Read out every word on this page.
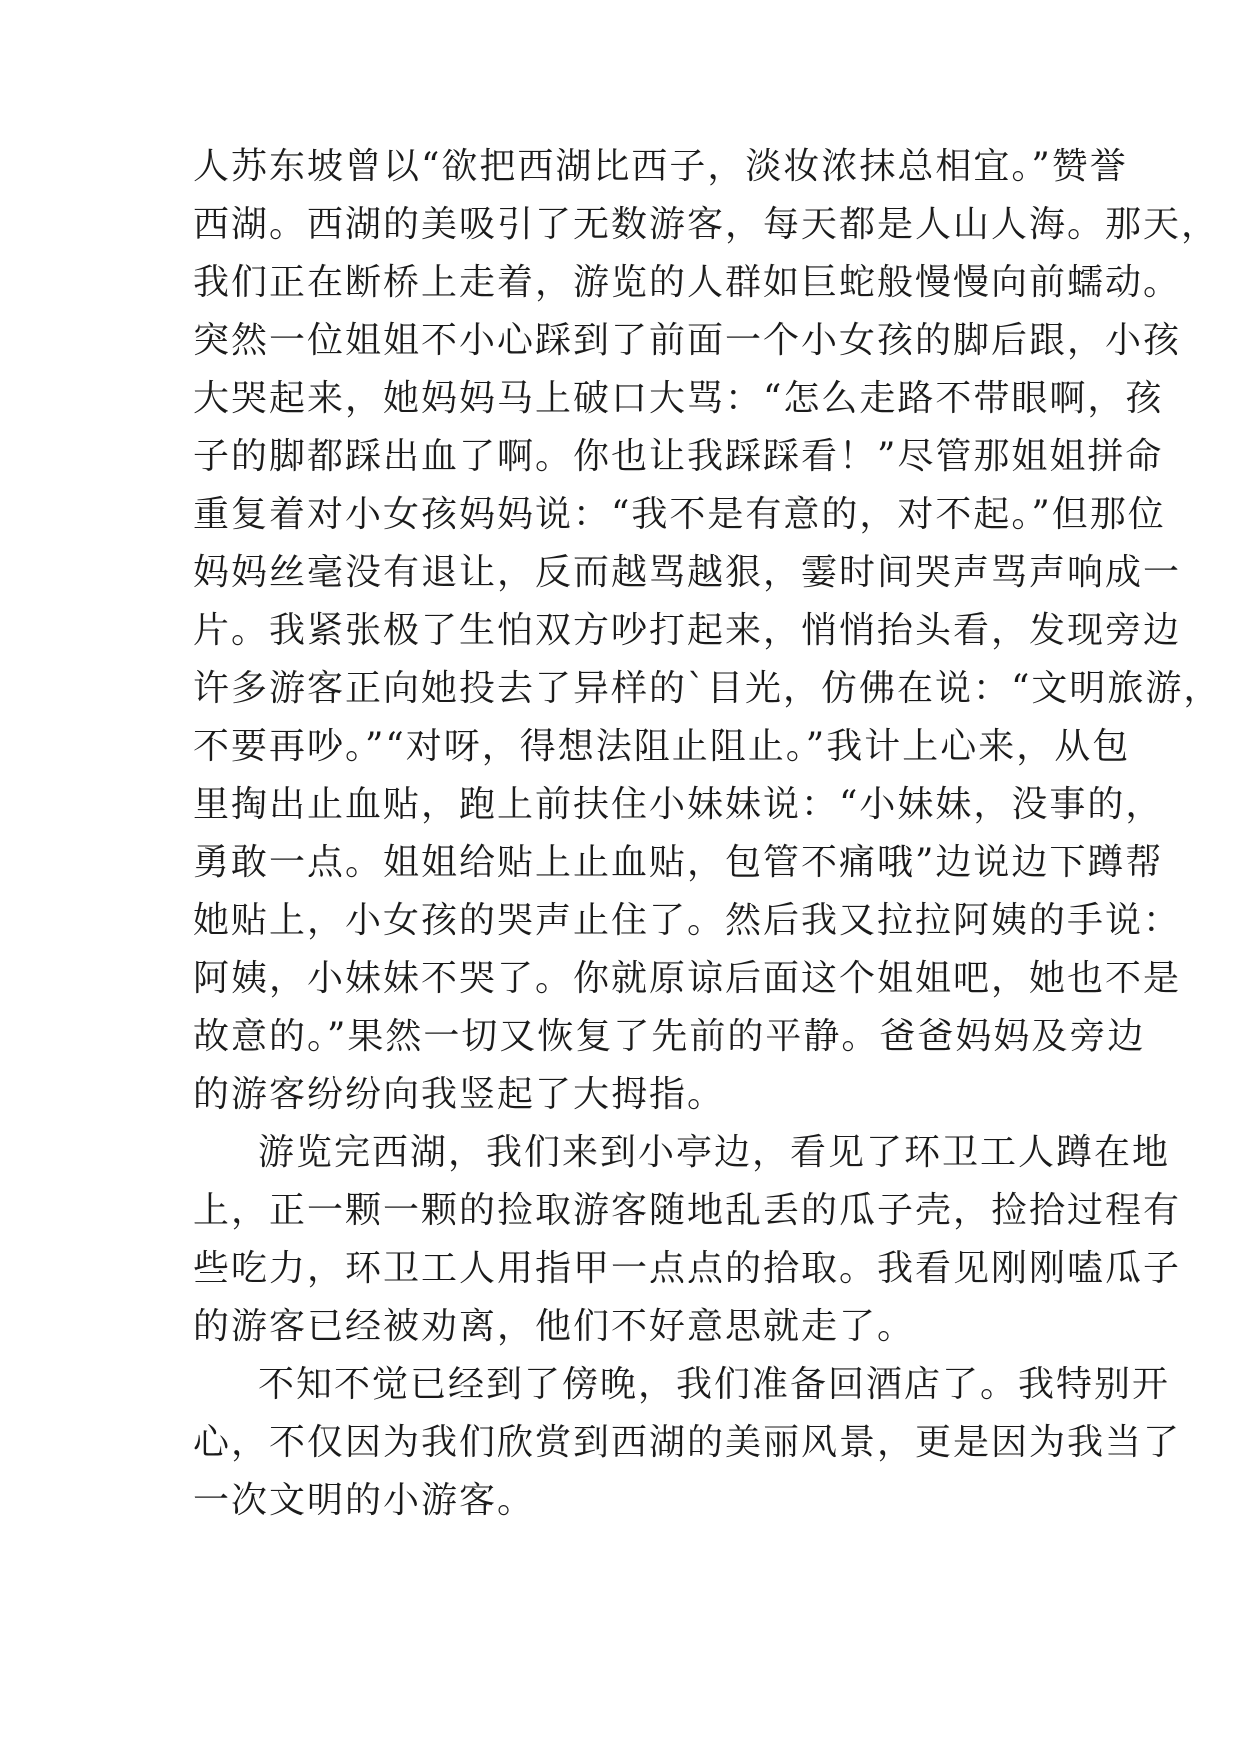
人苏东坡曾以“欲把西湖比西子，淡妆浓抹总相宜。”赞誉
西湖。西湖的美吸引了无数游客，每天都是人山人海。那天，
我们正在断桥上走着，游览的人群如巨蛇般慢慢向前蠕动。
突然一位姐姐不小心踩到了前面一个小女孩的脚后跟，小孩
大哭起来，她妈妈马上破口大骂：“怎么走路不带眼啊，孩
子的脚都踩出血了啊。你也让我踩踩看！”尽管那姐姐拼命
重复着对小女孩妈妈说：“我不是有意的，对不起。”但那位
妈妈丝毫没有退让，反而越骂越狠，霎时间哭声骂声响成一
片。我紧张极了生怕双方吵打起来，悄悄抬头看，发现旁边
许多游客正向她投去了异样的`目光，仿佛在说：“文明旅游，
不要再吵。”“对呀，得想法阻止阻止。”我计上心来，从包
里掏出止血贴，跑上前扶住小妹妹说：“小妹妹，没事的，
勇敢一点。姐姐给贴上止血贴，包管不痛哦”边说边下蹲帮
她贴上，小女孩的哭声止住了。然后我又拉拉阿姨的手说：
阿姨，小妹妹不哭了。你就原谅后面这个姐姐吧，她也不是
故意的。”果然一切又恢复了先前的平静。爸爸妈妈及旁边
的游客纷纷向我竖起了大拇指。
游览完西湖，我们来到小亭边，看见了环卫工人蹲在地
上，正一颗一颗的捡取游客随地乱丢的瓜子壳，捡拾过程有
些吃力，环卫工人用指甲一点点的拾取。我看见刚刚嗑瓜子
的游客已经被劝离，他们不好意思就走了。
不知不觉已经到了傍晚，我们准备回酒店了。我特别开
心，不仅因为我们欣赏到西湖的美丽风景，更是因为我当了
一次文明的小游客。
